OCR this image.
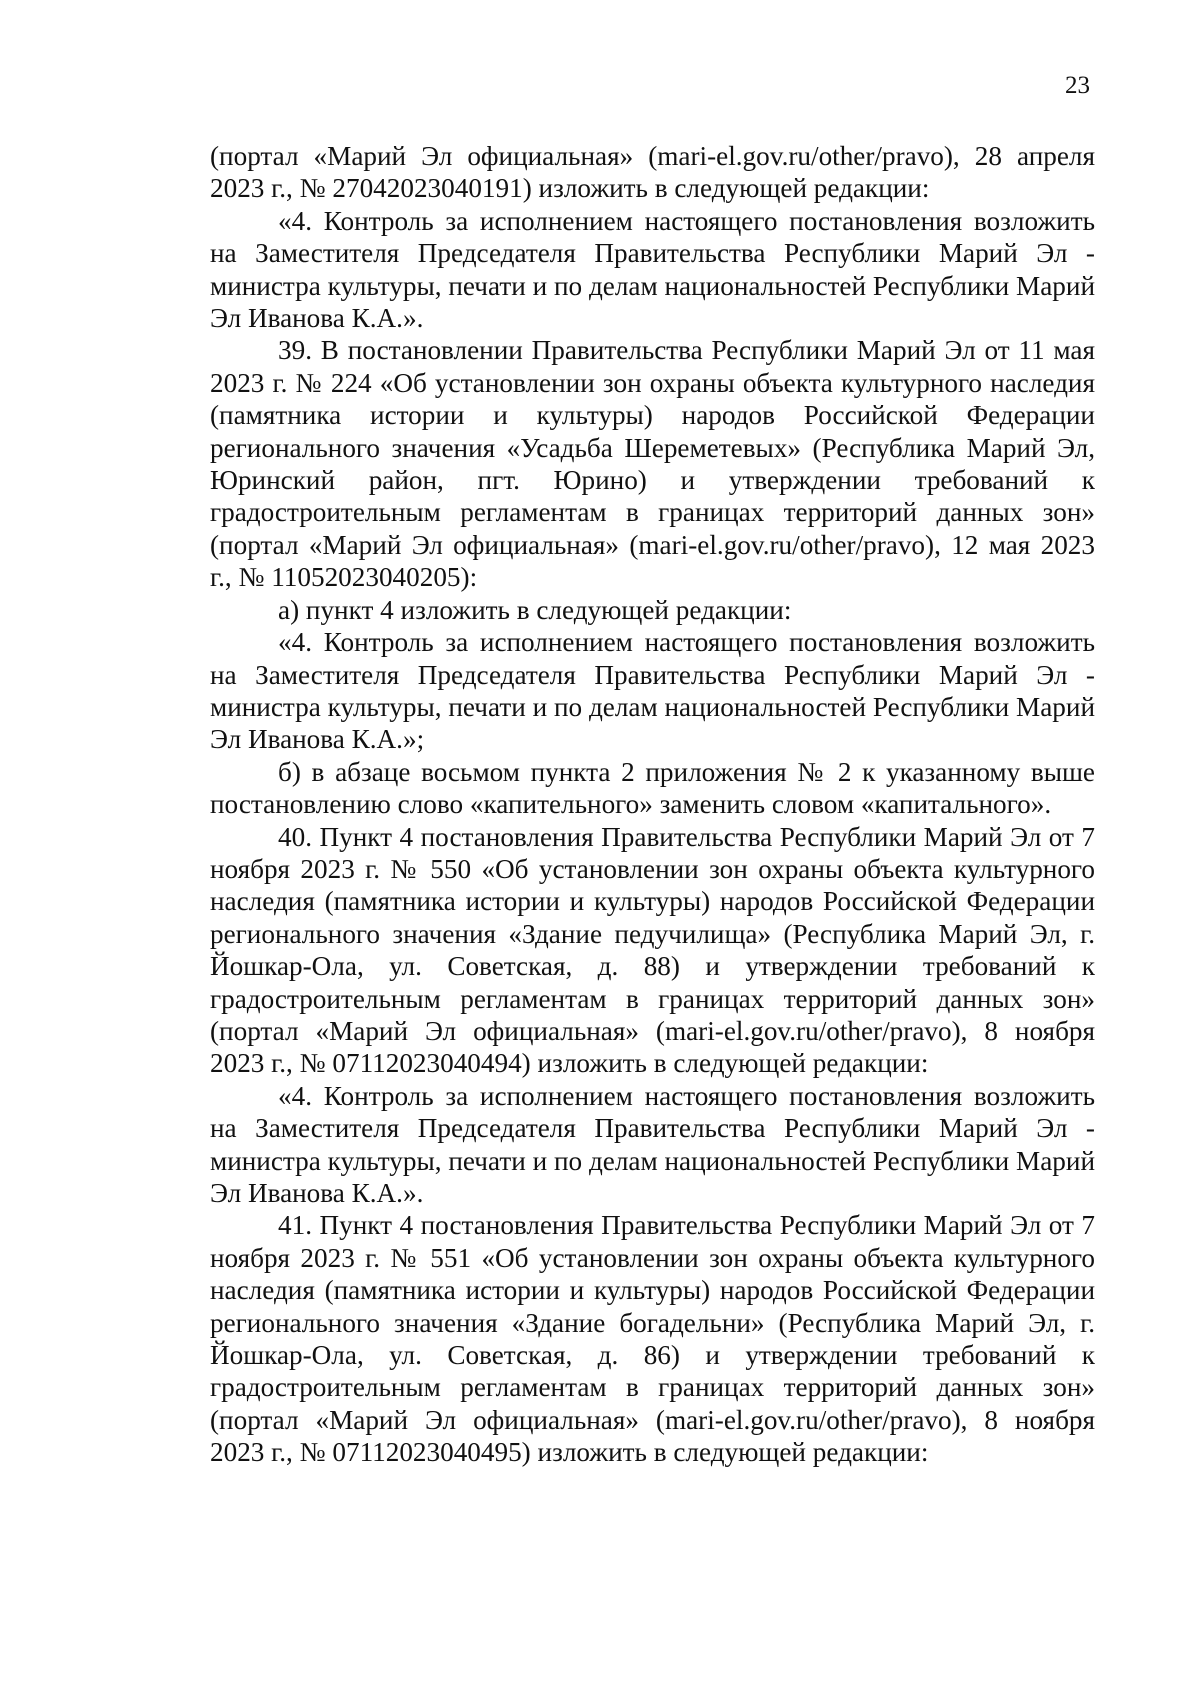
23

(портал «Марий Эл официальная» (mari-el.gov.ru/other/pravo), 28 апреля 2023 г., № 27042023040191) изложить в следующей редакции:

«4. Контроль за исполнением настоящего постановления возложить на Заместителя Председателя Правительства Республики Марий Эл - министра культуры, печати и по делам национальностей Республики Марий Эл Иванова К.А.».

39. В постановлении Правительства Республики Марий Эл от 11 мая 2023 г. № 224 «Об установлении зон охраны объекта культурного наследия (памятника истории и культуры) народов Российской Федерации регионального значения «Усадьба Шереметевых» (Республика Марий Эл, Юринский район, пгт. Юрино) и утверждении требований к градостроительным регламентам в границах территорий данных зон» (портал «Марий Эл официальная» (mari-el.gov.ru/other/pravo), 12 мая 2023 г., № 11052023040205):

а) пункт 4 изложить в следующей редакции:

«4. Контроль за исполнением настоящего постановления возложить на Заместителя Председателя Правительства Республики Марий Эл - министра культуры, печати и по делам национальностей Республики Марий Эл Иванова К.А.»;

б) в абзаце восьмом пункта 2 приложения № 2 к указанному выше постановлению слово «капительного» заменить словом «капитального».

40. Пункт 4 постановления Правительства Республики Марий Эл от 7 ноября 2023 г. № 550 «Об установлении зон охраны объекта культурного наследия (памятника истории и культуры) народов Российской Федерации регионального значения «Здание педучилища» (Республика Марий Эл, г. Йошкар-Ола, ул. Советская, д. 88) и утверждении требований к градостроительным регламентам в границах территорий данных зон» (портал «Марий Эл официальная» (mari-el.gov.ru/other/pravo), 8 ноября 2023 г., № 07112023040494) изложить в следующей редакции:

«4. Контроль за исполнением настоящего постановления возложить на Заместителя Председателя Правительства Республики Марий Эл - министра культуры, печати и по делам национальностей Республики Марий Эл Иванова К.А.».

41. Пункт 4 постановления Правительства Республики Марий Эл от 7 ноября 2023 г. № 551 «Об установлении зон охраны объекта культурного наследия (памятника истории и культуры) народов Российской Федерации регионального значения «Здание богадельни» (Республика Марий Эл, г. Йошкар-Ола, ул. Советская, д. 86) и утверждении требований к градостроительным регламентам в границах территорий данных зон» (портал «Марий Эл официальная» (mari-el.gov.ru/other/pravo), 8 ноября 2023 г., № 07112023040495) изложить в следующей редакции:
